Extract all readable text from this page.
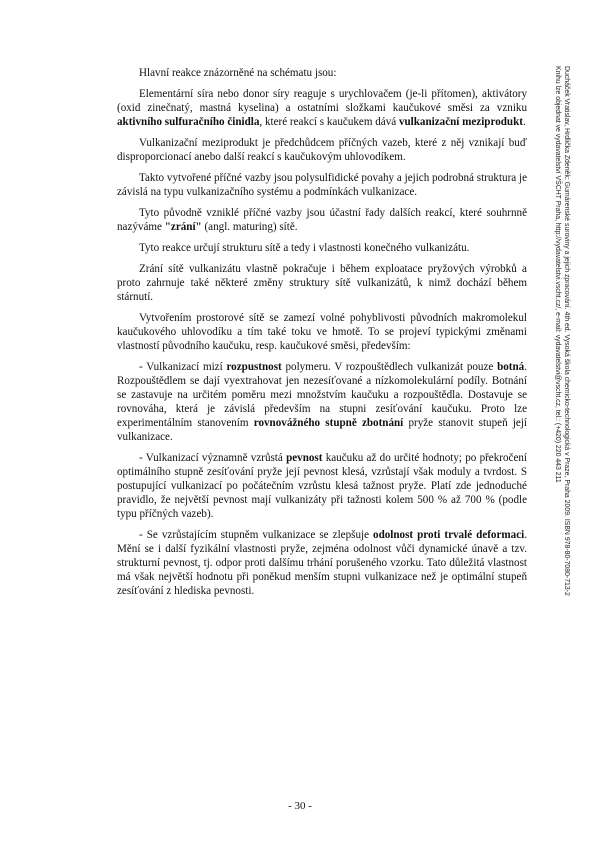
Hlavní reakce znázorněné na schématu jsou:

Elementární síra nebo donor síry reaguje s urychlovačem (je-li přítomen), aktivátory (oxid zinečnatý, mastná kyselina) a ostatními složkami kaučukové směsi za vzniku aktivního sulfuračního činidla, které reakcí s kaučukem dává vulkanizační meziprodukt.

Vulkanizační meziprodukt je předchůdcem příčných vazeb, které z něj vznikají buď disproporcionací anebo další reakcí s kaučukovým uhlovodíkem.

Takto vytvořené příčné vazby jsou polysulfidické povahy a jejich podrobná struktura je závislá na typu vulkanizačního systému a podmínkách vulkanizace.

Tyto původně vzniklé příčné vazby jsou účastní řady dalších reakcí, které souhrnně nazýváme "zrání" (angl. maturing) sítě.

Tyto reakce určují strukturu sítě a tedy i vlastnosti konečného vulkanizátu.

Zrání sítě vulkanizátu vlastně pokračuje i během exploatace pryžových výrobků a proto zahrnuje také některé změny struktury sítě vulkanizátů, k nimž dochází během stárnutí.

Vytvořením prostorové sítě se zamezí volné pohyblivosti původních makromolekul kaučukového uhlovodíku a tím také toku ve hmotě. To se projeví typickými změnami vlastností původního kaučuku, resp. kaučukové směsi, především:

- Vulkanizací mizí rozpustnost polymeru. V rozpouštědlech vulkanizát pouze botná. Rozpouštědlem se dají vyextrahovat jen nezesíťované a nízkomolekulární podíly. Botnání se zastavuje na určitém poměru mezi množstvím kaučuku a rozpouštědla. Dostavuje se rovnováha, která je závislá především na stupni zesíťování kaučuku. Proto lze experimentálním stanovením rovnovážného stupně zbotnání pryže stanovit stupeň její vulkanizace.

- Vulkanizací významně vzrůstá pevnost kaučuku až do určité hodnoty; po překročení optimálního stupně zesíťování pryže její pevnost klesá, vzrůstají však moduly a tvrdost. S postupující vulkanizací po počátečním vzrůstu klesá tažnost pryže. Platí zde jednoduché pravidlo, že největší pevnost mají vulkanizáty při tažnosti kolem 500 % až 700 % (podle typu příčných vazeb).

- Se vzrůstajícím stupněm vulkanizace se zlepšuje odolnost proti trvalé deformaci. Mění se i další fyzikální vlastnosti pryže, zejména odolnost vůči dynamické únavě a tzv. strukturní pevnost, tj. odpor proti dalšímu trhání porušeného vzorku. Tato důležitá vlastnost má však největší hodnotu při poněkud menším stupni vulkanizace než je optimální stupeň zesíťování z hlediska pevnosti.	Ducháček Vratislav, Hrdlička Zdeněk: Gumárenské suroviny a jejich zpracování. 4th ed. Vysoká škola chemicko-technologická v Praze, Praha 2009. ISBN 978-80-7080-713-2
Knihu lze objednat ve vydavatelství VŠCHT Praha, http://vydavatelstvi.vscht.cz/, e-mail: vydavatelstvi@vscht.cz, tel.: (+420) 220 443 211
- 30 -
